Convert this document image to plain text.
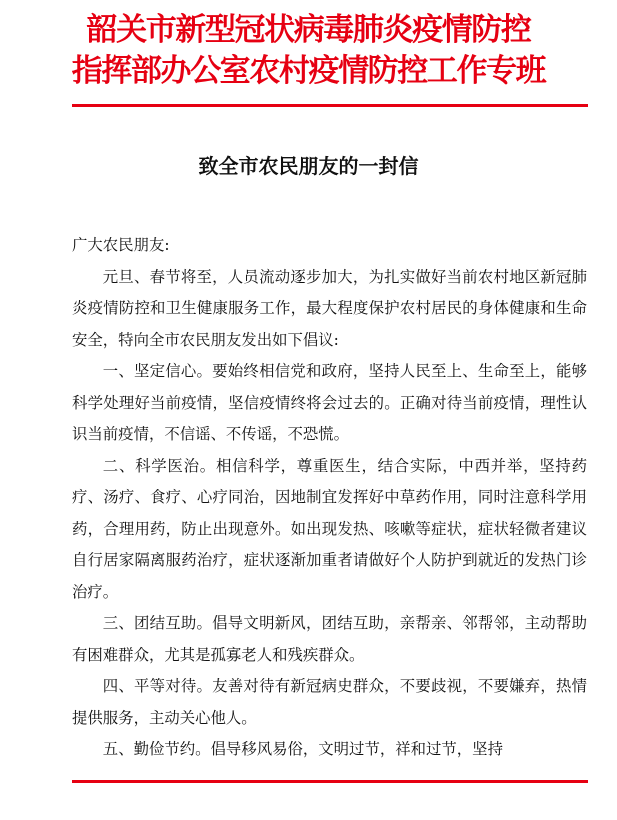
韶关市新型冠状病毒肺炎疫情防控
指挥部办公室农村疫情防控工作专班
致全市农民朋友的一封信

广大农民朋友:

元旦、春节将至，人员流动逐步加大，为扎实做好当前农村地区新冠肺炎疫情防控和卫生健康服务工作，最大程度保护农村居民的身体健康和生命安全，特向全市农民朋友发出如下倡议:

一、坚定信心。要始终相信党和政府，坚持人民至上、生命至上，能够科学处理好当前疫情，坚信疫情终将会过去的。正确对待当前疫情，理性认识当前疫情，不信谣、不传谣，不恐慌。

二、科学医治。相信科学，尊重医生，结合实际，中西并举，坚持药疗、汤疗、食疗、心疗同治，因地制宜发挥好中草药作用，同时注意科学用药，合理用药，防止出现意外。如出现发热、咳嗽等症状，症状轻微者建议自行居家隔离服药治疗，症状逐渐加重者请做好个人防护到就近的发热门诊治疗。

三、团结互助。倡导文明新风，团结互助，亲帮亲、邻帮邻，主动帮助有困难群众，尤其是孤寡老人和残疾群众。

四、平等对待。友善对待有新冠病史群众，不要歧视，不要嫌弃，热情提供服务，主动关心他人。

五、勤俭节约。倡导移风易俗，文明过节，祥和过节，坚持
